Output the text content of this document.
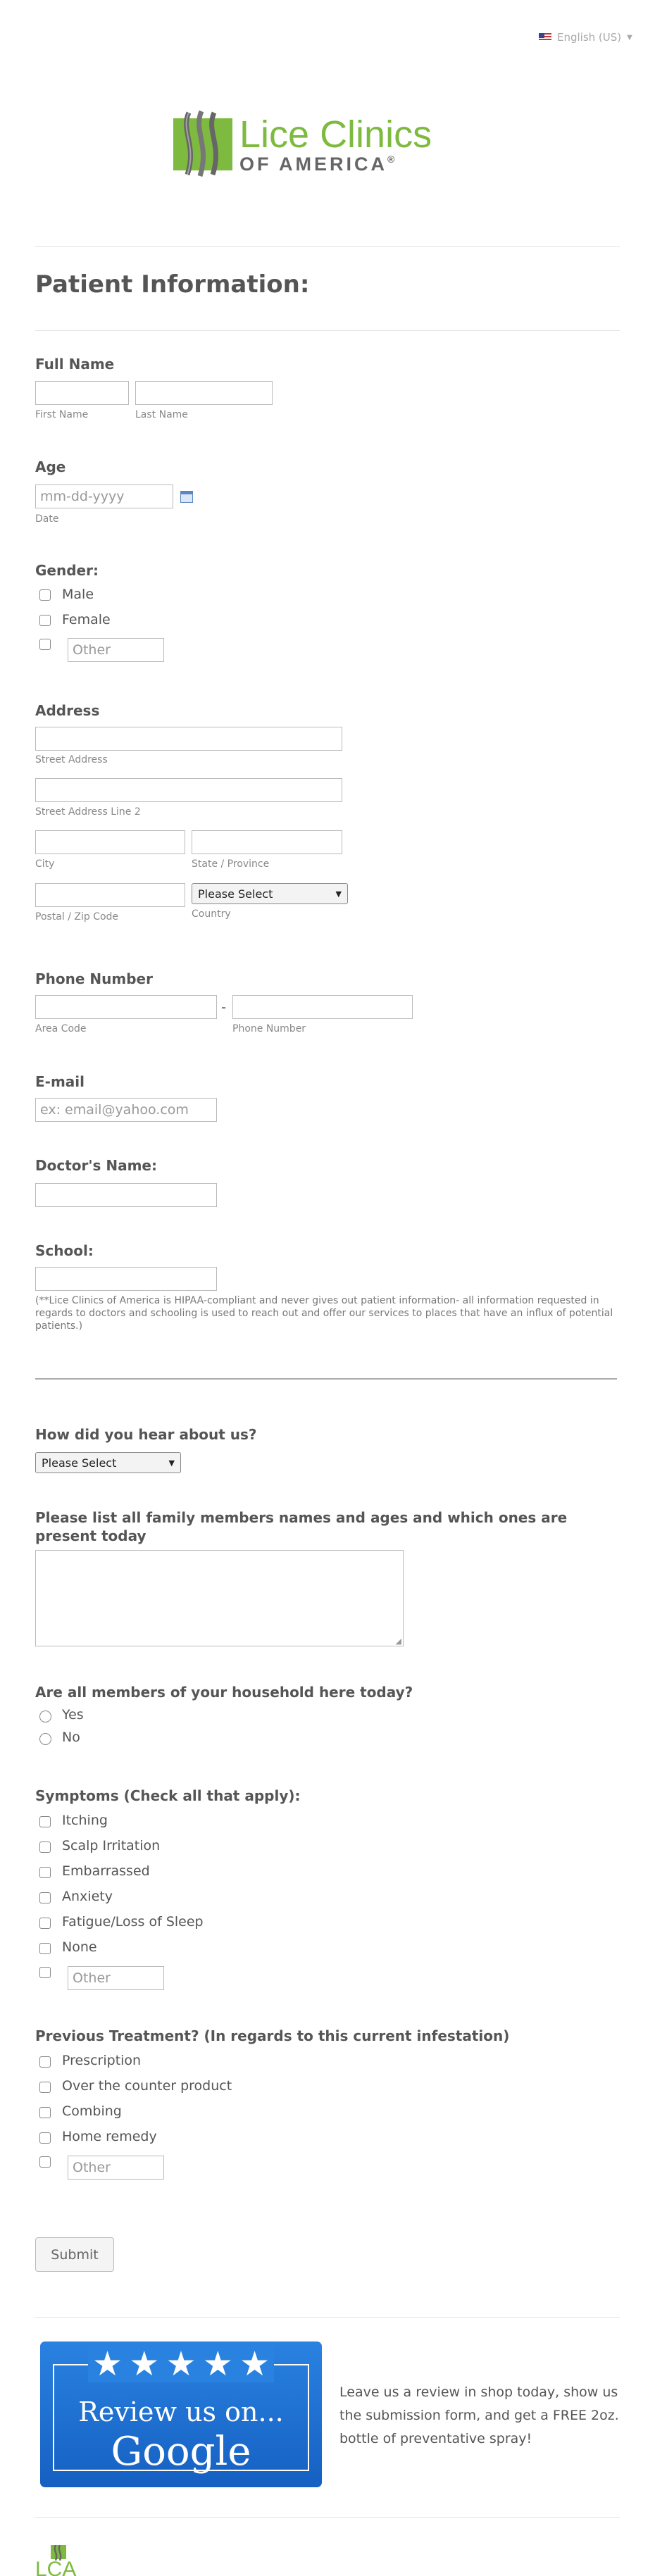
English (US) ▼
Lice Clinics
OF AMERICA®
Patient Information:
Full Name
First Name	Last Name
Age
mm-dd-yyyy
Date
Gender:
Male
Female
Other
Address
Street Address
Street Address Line 2
City	State / Province
Please Select	▼
Postal / Zip Code	Country
Phone Number
-
Area Code	Phone Number
E-mail
ex: email@yahoo.com
Doctor's Name:
School:
(**Lice Clinics of America is HIPAA-compliant and never gives out patient information- all information requested in regards to doctors and schooling is used to reach out and offer our services to places that have an influx of potential patients.)
How did you hear about us?
Please Select	▼
Please list all family members names and ages and which ones are present today
◢
Are all members of your household here today?
Yes
No
Symptoms (Check all that apply):
Itching
Scalp Irritation
Embarrassed
Anxiety
Fatigue/Loss of Sleep
None
Other
Previous Treatment? (In regards to this current infestation)
Prescription
Over the counter product
Combing
Home remedy
Other
Submit
★ ★ ★ ★ ★
Review us on...
Google
Leave us a review in shop today, show us the submission form, and get a FREE 2oz. bottle of preventative spray!
LCA
